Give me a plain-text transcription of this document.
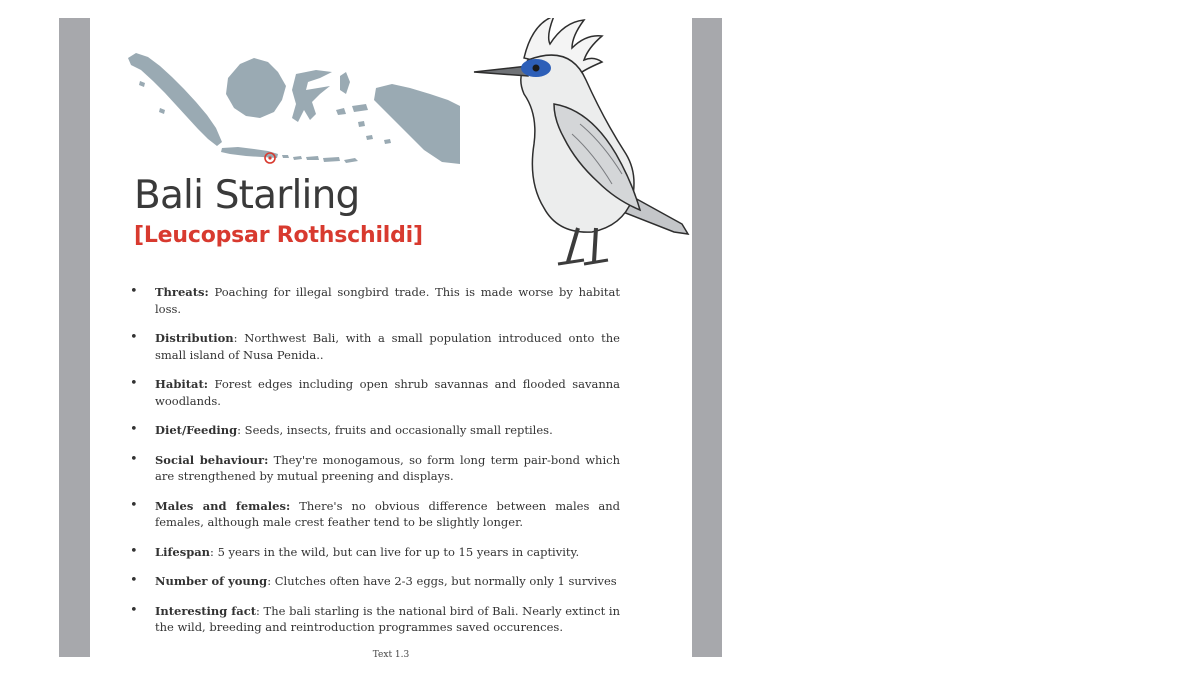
Bali Starling
[Leucopsar Rothschildi]
• Threats: Poaching for illegal songbird trade. This is made worse by habitat loss.
• Distribution: Northwest Bali, with a small population introduced onto the small island of Nusa Penida..
• Habitat: Forest edges including open shrub savannas and flooded savanna woodlands.
• Diet/Feeding: Seeds, insects, fruits and occasionally small reptiles.
• Social behaviour: They're monogamous, so form long term pair-bond which are strengthened by mutual preening and displays.
• Males and females: There's no obvious difference between males and females, although male crest feather tend to be slightly longer.
• Lifespan: 5 years in the wild, but can live for up to 15 years in captivity.
• Number of young: Clutches often have 2-3 eggs, but normally only 1 survives
• Interesting fact: The bali starling is the national bird of Bali. Nearly extinct in the wild, breeding and reintroduction programmes saved occurences.
Text 1.3
